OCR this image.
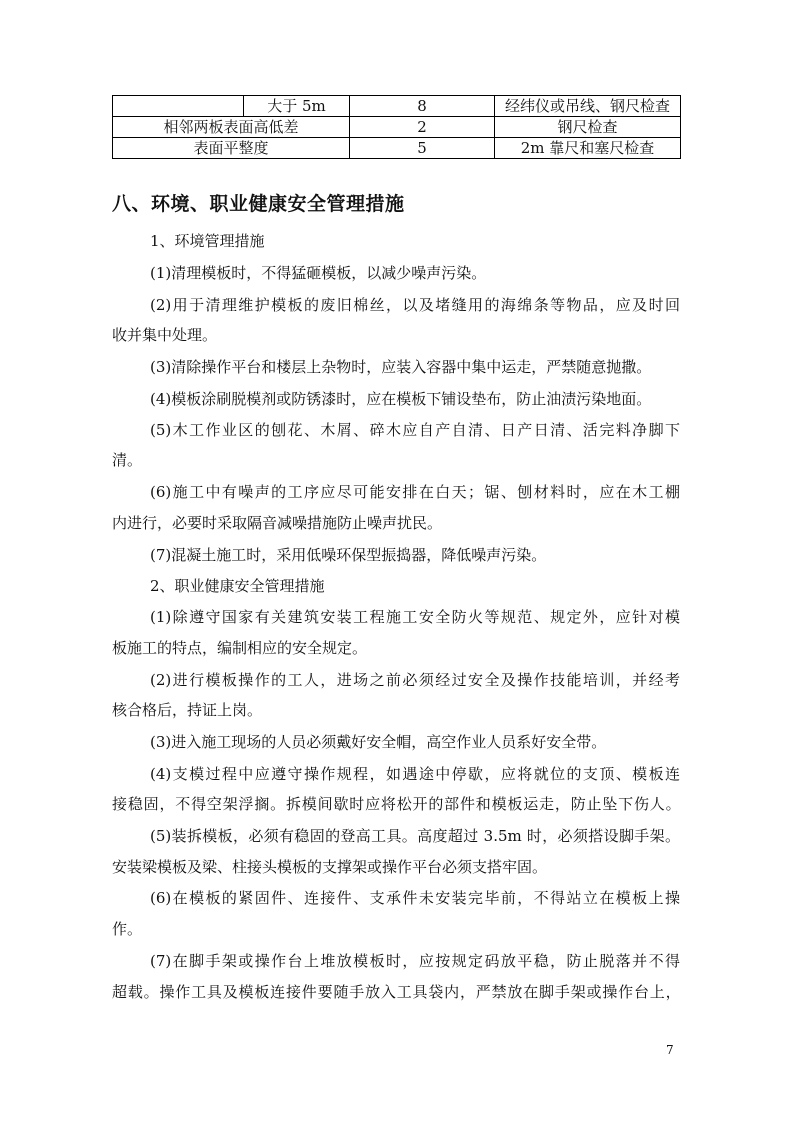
	大于 5m	8	经纬仪或吊线、钢尺检查
相邻两板表面高低差		2	钢尺检查
表面平整度		5	2m 靠尺和塞尺检查
八、环境、职业健康安全管理措施
1、环境管理措施
(1)清理模板时，不得猛砸模板，以减少噪声污染。
(2)用于清理维护模板的废旧棉丝，以及堵缝用的海绵条等物品，应及时回
收并集中处理。
(3)清除操作平台和楼层上杂物时，应装入容器中集中运走，严禁随意抛撒。
(4)模板涂刷脱模剂或防锈漆时，应在模板下铺设垫布，防止油渍污染地面。
(5)木工作业区的刨花、木屑、碎木应自产自清、日产日清、活完料净脚下
清。
(6)施工中有噪声的工序应尽可能安排在白天；锯、刨材料时，应在木工棚
内进行，必要时采取隔音减噪措施防止噪声扰民。
(7)混凝土施工时，采用低噪环保型振捣器，降低噪声污染。
2、职业健康安全管理措施
(1)除遵守国家有关建筑安装工程施工安全防火等规范、规定外，应针对模
板施工的特点，编制相应的安全规定。
(2)进行模板操作的工人，进场之前必须经过安全及操作技能培训，并经考
核合格后，持证上岗。
(3)进入施工现场的人员必须戴好安全帽，高空作业人员系好安全带。
(4)支模过程中应遵守操作规程，如遇途中停歇，应将就位的支顶、模板连
接稳固，不得空架浮搁。拆模间歇时应将松开的部件和模板运走，防止坠下伤人。
(5)装拆模板，必须有稳固的登高工具。高度超过 3.5m 时，必须搭设脚手架。
安装梁模板及梁、柱接头模板的支撑架或操作平台必须支搭牢固。
(6)在模板的紧固件、连接件、支承件未安装完毕前，不得站立在模板上操
作。
(7)在脚手架或操作台上堆放模板时，应按规定码放平稳，防止脱落并不得
超载。操作工具及模板连接件要随手放入工具袋内，严禁放在脚手架或操作台上，
7
